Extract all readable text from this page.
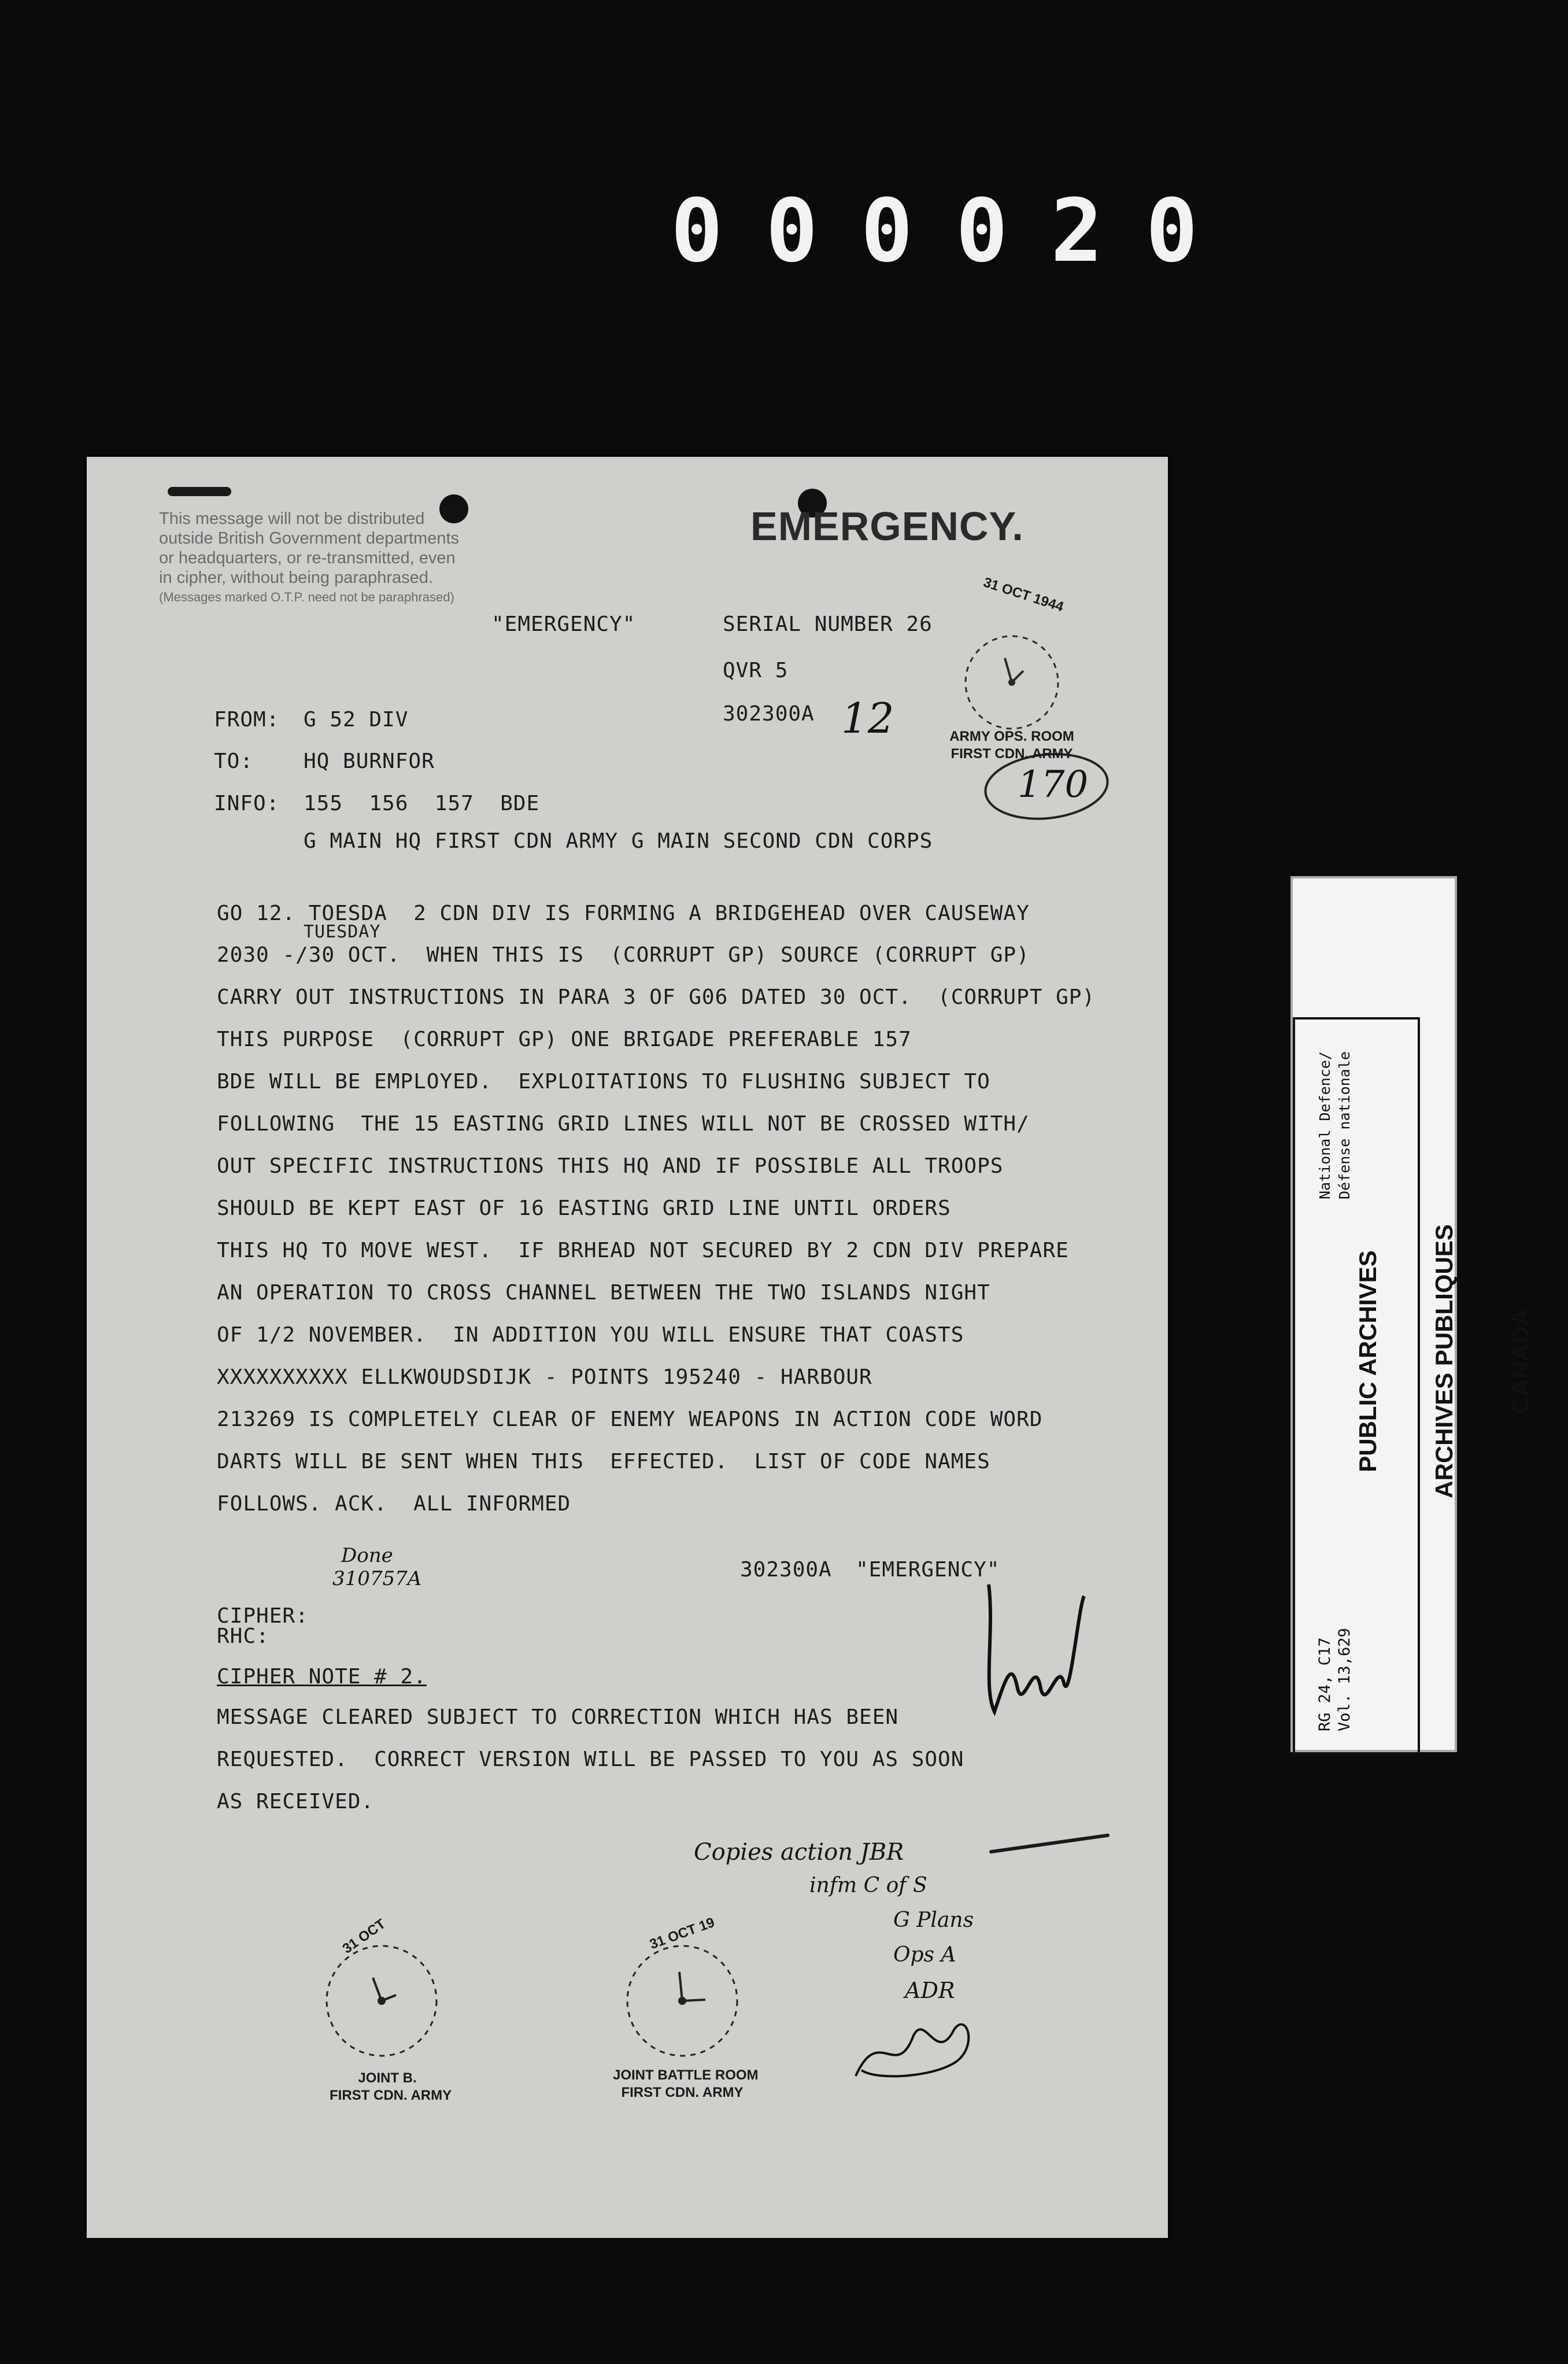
000020
This message will not be distributed
outside British Government departments
or headquarters, or re-transmitted, even
in cipher, without being paraphrased.
(Messages marked O.T.P. need not be paraphrased)
EMERGENCY.
"EMERGENCY"	SERIAL NUMBER 26
QVR 5
302300A 12
170
31 OCT 1944
ARMY OPS. ROOM
FIRST CDN. ARMY
FROM: G 52 DIV
TO: HQ BURNFOR
INFO: 155  156  157  BDE
G MAIN HQ FIRST CDN ARMY G MAIN SECOND CDN CORPS
TUESDAY
GO 12. TOESDA  2 CDN DIV IS FORMING A BRIDGEHEAD OVER CAUSEWAY
2030 -/30 OCT.  WHEN THIS IS  (CORRUPT GP) SOURCE (CORRUPT GP)
CARRY OUT INSTRUCTIONS IN PARA 3 OF G06 DATED 30 OCT.  (CORRUPT GP)
THIS PURPOSE  (CORRUPT GP) ONE BRIGADE PREFERABLE 157
BDE WILL BE EMPLOYED.  EXPLOITATIONS TO FLUSHING SUBJECT TO
FOLLOWING  THE 15 EASTING GRID LINES WILL NOT BE CROSSED WITH/
OUT SPECIFIC INSTRUCTIONS THIS HQ AND IF POSSIBLE ALL TROOPS
SHOULD BE KEPT EAST OF 16 EASTING GRID LINE UNTIL ORDERS
THIS HQ TO MOVE WEST.  IF BRHEAD NOT SECURED BY 2 CDN DIV PREPARE
AN OPERATION TO CROSS CHANNEL BETWEEN THE TWO ISLANDS NIGHT
OF 1/2 NOVEMBER.  IN ADDITION YOU WILL ENSURE THAT COASTS
XXXXXXXXXX ELLKWOUDSDIJK - POINTS 195240 - HARBOUR
213269 IS COMPLETELY CLEAR OF ENEMY WEAPONS IN ACTION CODE WORD
DARTS WILL BE SENT WHEN THIS  EFFECTED.  LIST OF CODE NAMES
FOLLOWS. ACK.  ALL INFORMED
Done
310757A	302300A "EMERGENCY"
CIPHER:
RHC:
CIPHER NOTE # 2.
MESSAGE CLEARED SUBJECT TO CORRECTION WHICH HAS BEEN
REQUESTED.  CORRECT VERSION WILL BE PASSED TO YOU AS SOON
AS RECEIVED.
Copies action JBR
infm C of S
G Plans
Ops A
ADR
31 OCT
JOINT B.
FIRST CDN. ARMY
31 OCT 19
JOINT BATTLE ROOM
FIRST CDN. ARMY
National Defence/ Défense nationale

PUBLIC ARCHIVES

ARCHIVES PUBLIQUES

CANADA

RG 24, C17 Vol. 13,629
